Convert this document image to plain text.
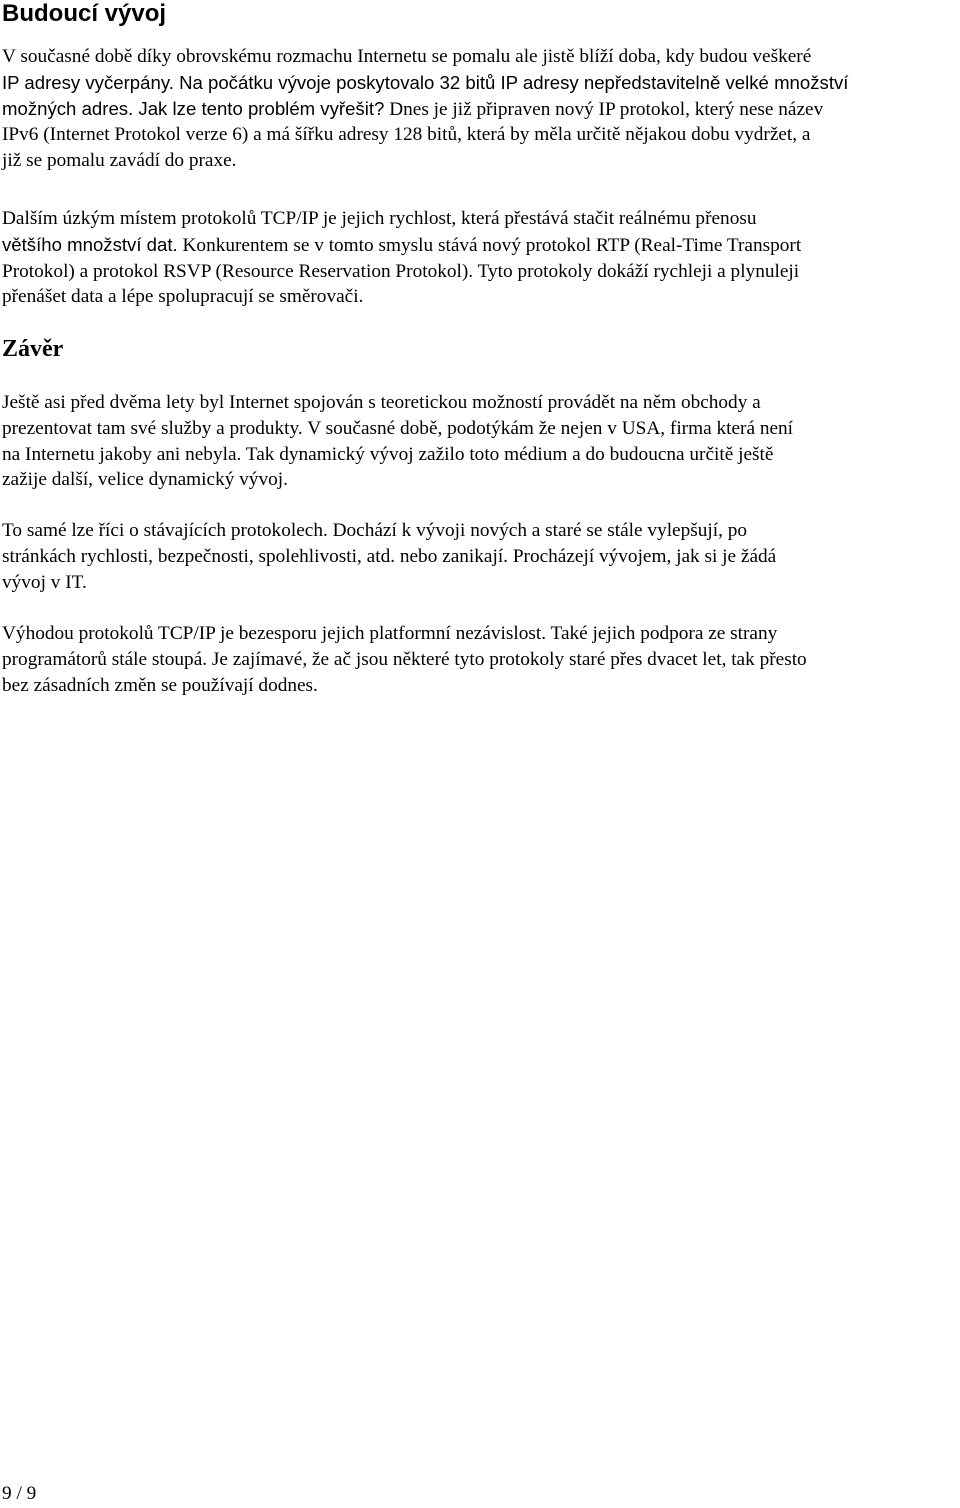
Budoucí vývoj

V současné době díky obrovskému rozmachu Internetu se pomalu ale jistě blíží doba, kdy budou veškeré
IP adresy vyčerpány. Na počátku vývoje poskytovalo 32 bitů IP adresy nepředstavitelně velké množství
možných adres. Jak lze tento problém vyřešit? Dnes je již připraven nový IP protokol, který nese název
IPv6 (Internet Protokol verze 6) a má šířku adresy 128 bitů, která by měla určitě nějakou dobu vydržet, a
již se pomalu zavádí do praxe.

Dalším úzkým místem protokolů TCP/IP je jejich rychlost, která přestává stačit reálnému přenosu
většího množství dat. Konkurentem se v tomto smyslu stává nový protokol RTP (Real-Time Transport
Protokol) a protokol RSVP (Resource Reservation Protokol). Tyto protokoly dokáží rychleji a plynuleji
přenášet data a lépe spolupracují se směrovači.

Závěr

Ještě asi před dvěma lety byl Internet spojován s teoretickou možností provádět na něm obchody a
prezentovat tam své služby a produkty. V současné době, podotýkám že nejen v USA, firma která není
na Internetu jakoby ani nebyla. Tak dynamický vývoj zažilo toto médium a do budoucna určitě ještě
zažije další, velice dynamický vývoj.

To samé lze říci o stávajících protokolech. Dochází k vývoji nových a staré se stále vylepšují, po
stránkách rychlosti, bezpečnosti, spolehlivosti, atd. nebo zanikají. Procházejí vývojem, jak si je žádá
vývoj v IT.

Výhodou protokolů TCP/IP je bezesporu jejich platformní nezávislost. Také jejich podpora ze strany
programátorů stále stoupá. Je zajímavé, že ač jsou některé tyto protokoly staré přes dvacet let, tak přesto
bez zásadních změn se používají dodnes.

9 / 9
